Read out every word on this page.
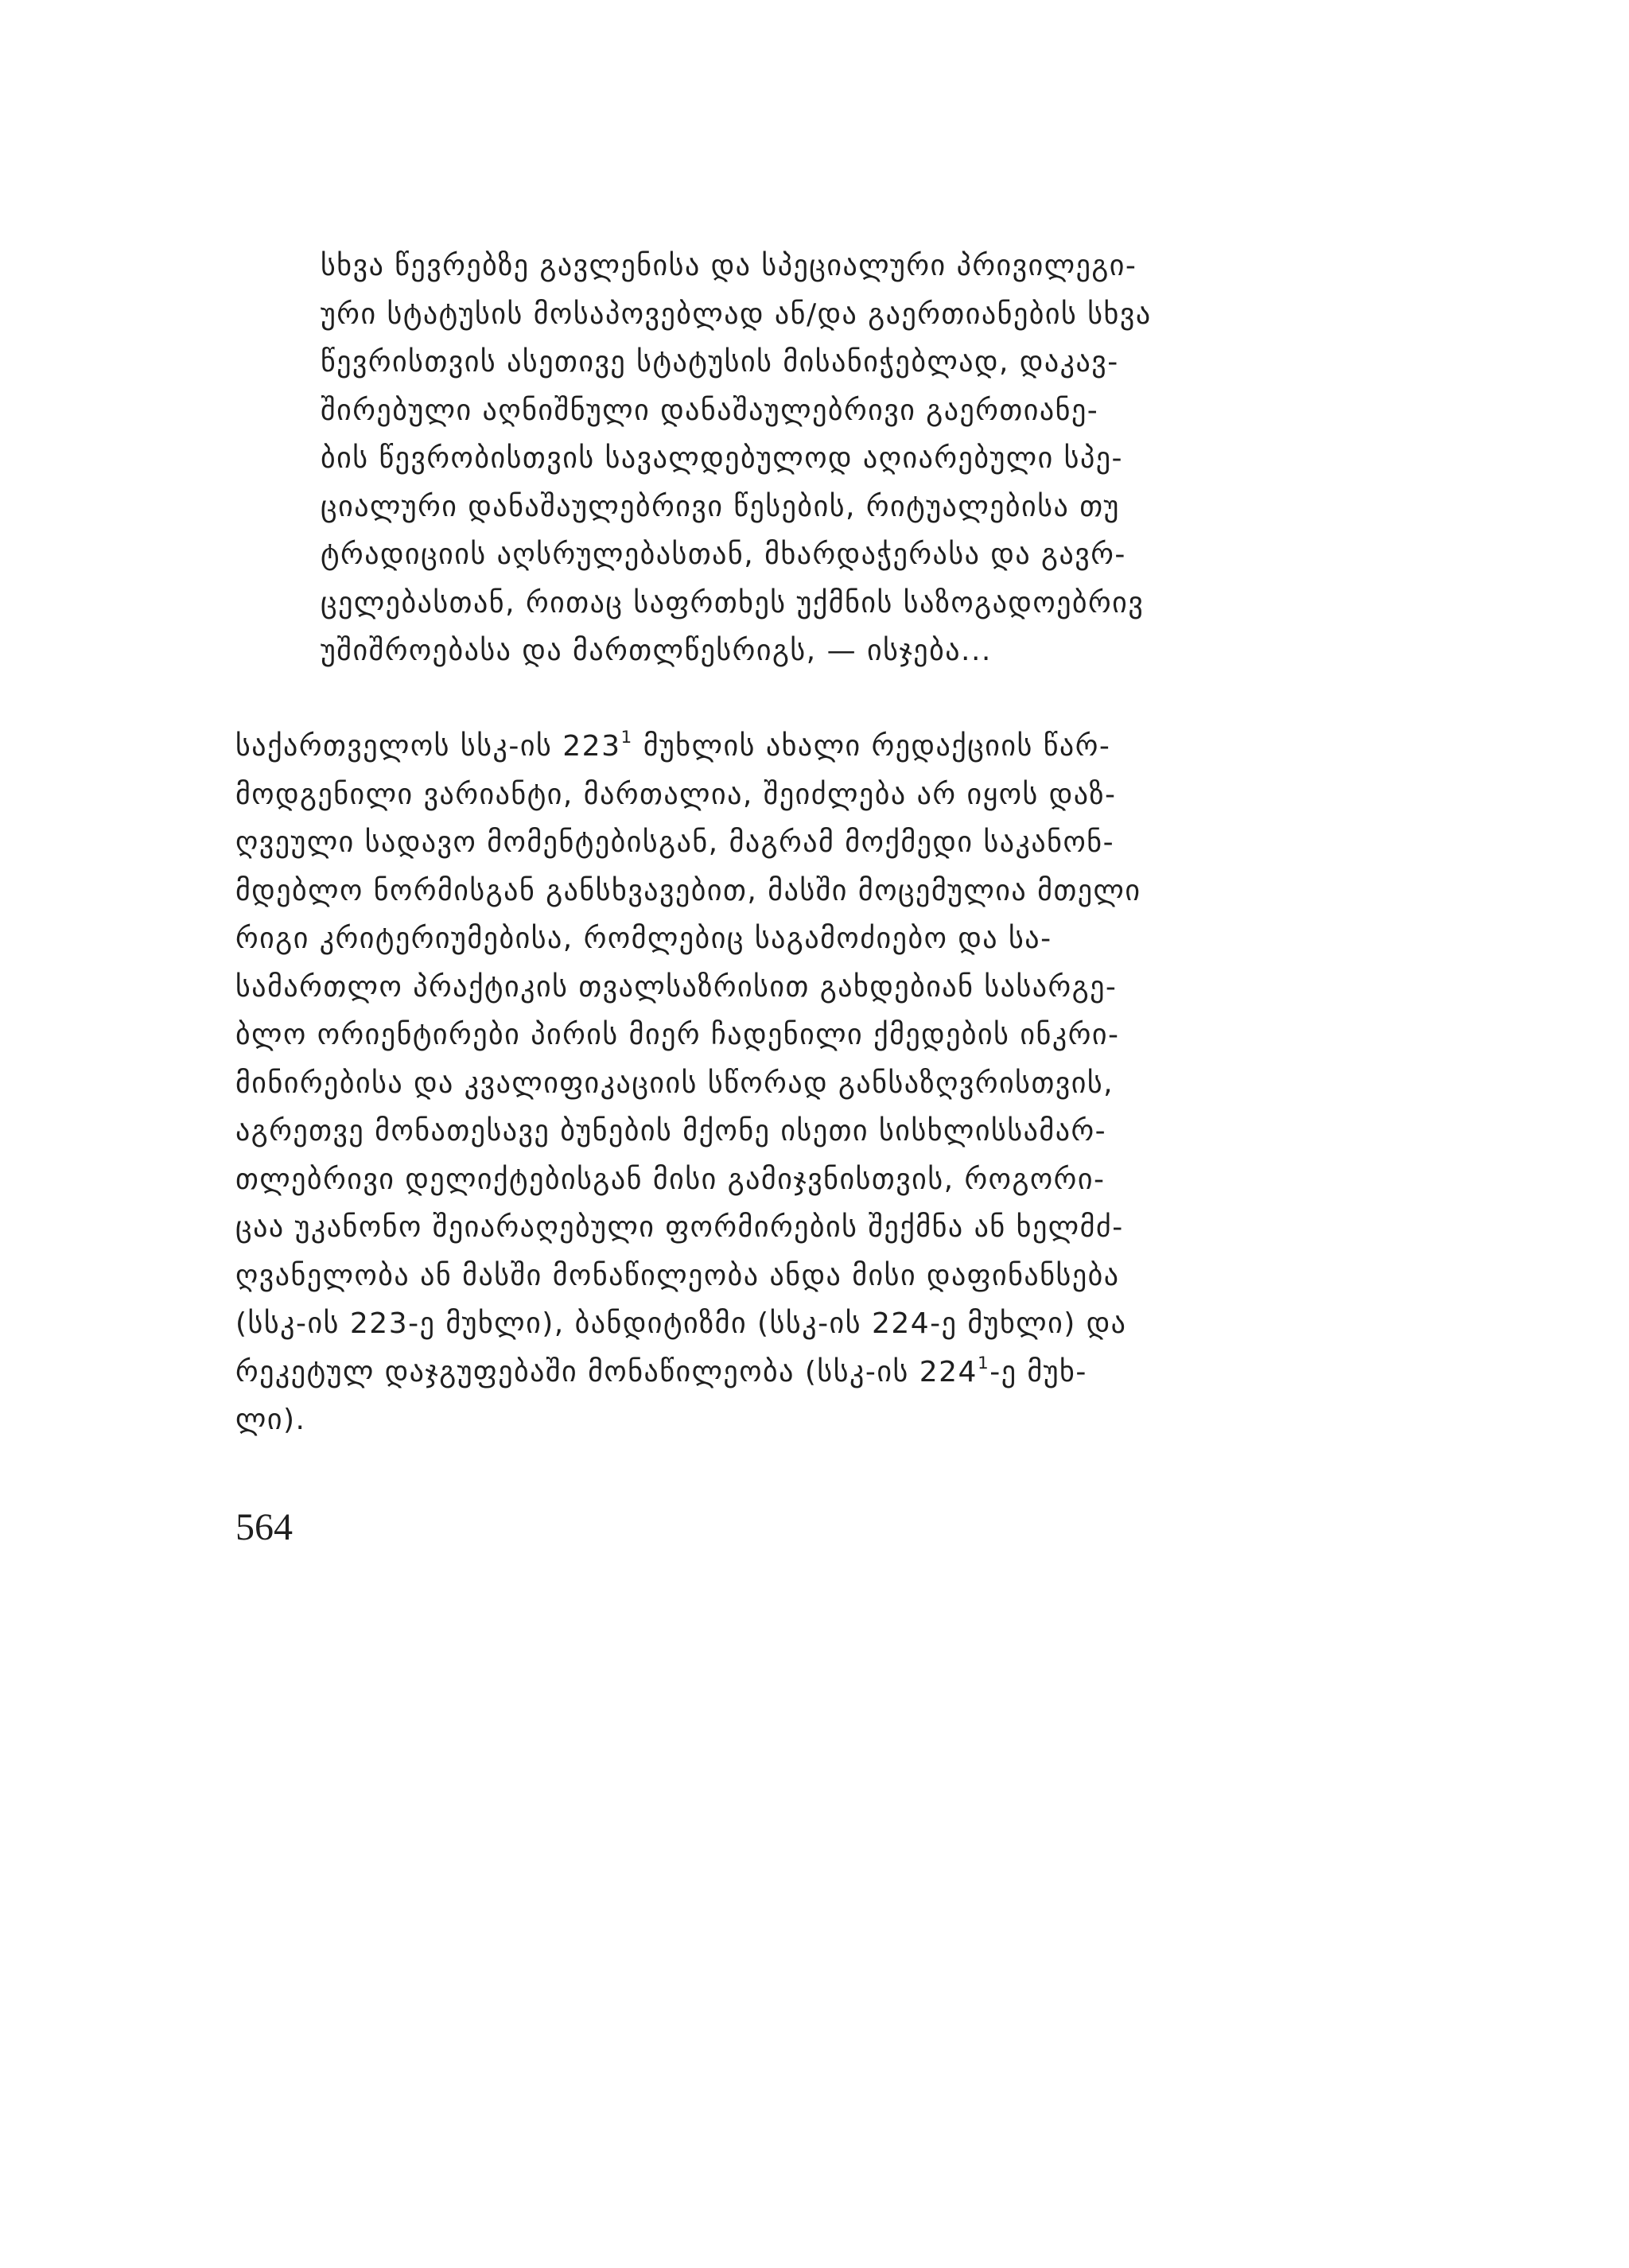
სხვა წევრებზე გავლენისა და სპეციალური პრივილეგი-
ური სტატუსის მოსაპოვებლად ან/და გაერთიანების სხვა
წევრისთვის ასეთივე სტატუსის მისანიჭებლად, დაკავ-
შირებული აღნიშნული დანაშაულებრივი გაერთიანე-
ბის წევრობისთვის სავალდებულოდ აღიარებული სპე-
ციალური დანაშაულებრივი წესების, რიტუალებისა თუ
ტრადიციის აღსრულებასთან, მხარდაჭერასა და გავრ-
ცელებასთან, რითაც საფრთხეს უქმნის საზოგადოებრივ
უშიშროებასა და მართლწესრიგს, — ისჯება...
საქართველოს სსკ-ის $223^1$ მუხლის ახალი რედაქციის წარ-
მოდგენილი ვარიანტი, მართალია, შეიძლება არ იყოს დაზ-
ღვეული სადავო მომენტებისგან, მაგრამ მოქმედი საკანონ-
მდებლო ნორმისგან განსხვავებით, მასში მოცემულია მთელი
რიგი კრიტერიუმებისა, რომლებიც საგამოძიებო და სა-
სამართლო პრაქტიკის თვალსაზრისით გახდებიან სასარგე-
ბლო ორიენტირები პირის მიერ ჩადენილი ქმედების ინკრი-
მინირებისა და კვალიფიკაციის სწორად განსაზღვრისთვის,
აგრეთვე მონათესავე ბუნების მქონე ისეთი სისხლისსამარ-
თლებრივი დელიქტებისგან მისი გამიჯვნისთვის, როგორი-
ცაა უკანონო შეიარაღებული ფორმირების შექმნა ან ხელმძ-
ღვანელობა ან მასში მონაწილეობა ანდა მისი დაფინანსება
(სსკ-ის 223-ე მუხლი), ბანდიტიზმი (სსკ-ის 224-ე მუხლი) და
რეკეტულ დაჯგუფებაში მონაწილეობა (სსკ-ის $224^1-ე$ მუხ-
ლი).
564
